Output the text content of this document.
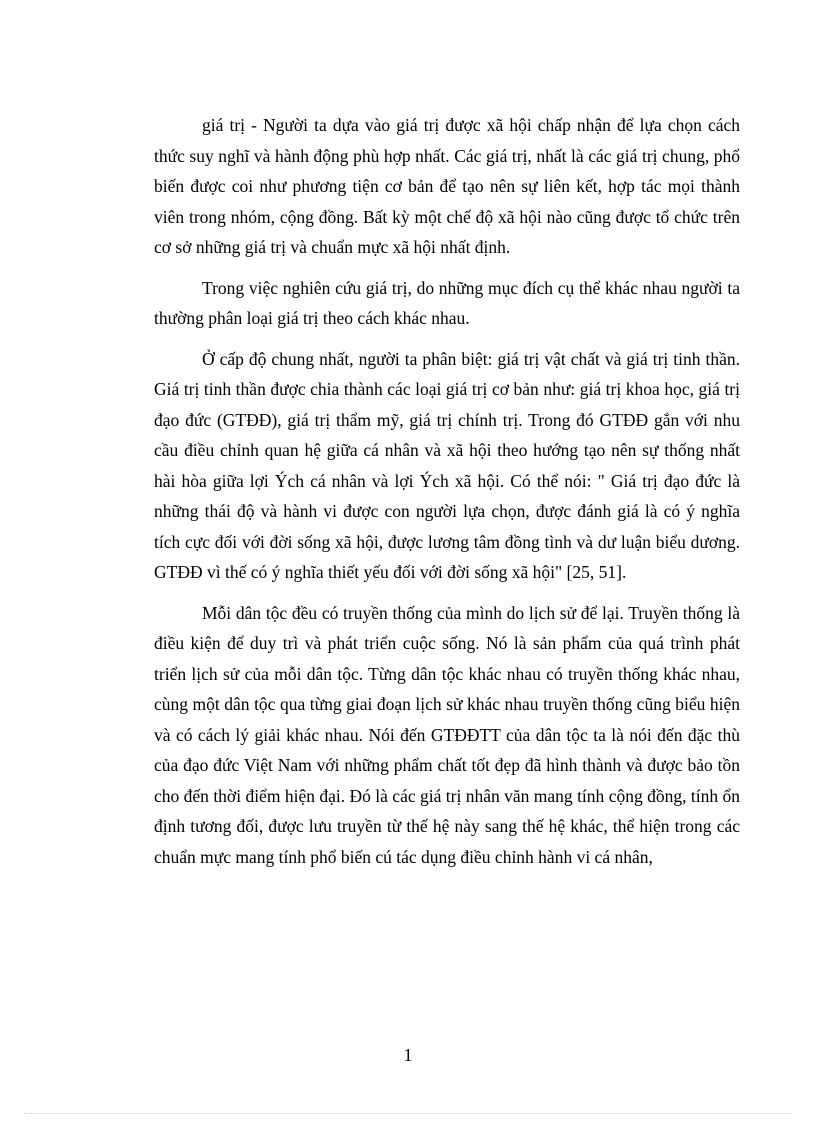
giá trị - Người ta dựa vào giá trị được xã hội chấp nhận để lựa chọn cách thức suy nghĩ và hành động phù hợp nhất. Các giá trị, nhất là các giá trị chung, phổ biến được coi như phương tiện cơ bản để tạo nên sự liên kết, hợp tác mọi thành viên trong nhóm, cộng đồng. Bất kỳ một chế độ xã hội nào cũng được tổ chức trên cơ sở những giá trị và chuẩn mực xã hội nhất định.

Trong việc nghiên cứu giá trị, do những mục đích cụ thể khác nhau người ta thường phân loại giá trị theo cách khác nhau.

Ở cấp độ chung nhất, người ta phân biệt: giá trị vật chất và giá trị tinh thần. Giá trị tinh thần được chia thành các loại giá trị cơ bản như: giá trị khoa học, giá trị đạo đức (GTĐĐ), giá trị thẩm mỹ, giá trị chính trị. Trong đó GTĐĐ gắn với nhu cầu điều chỉnh quan hệ giữa cá nhân và xã hội theo hướng tạo nên sự thống nhất hài hòa giữa lợi Ých cá nhân và lợi Ých xã hội. Có thể nói: " Giá trị đạo đức là những thái độ và hành vi được con người lựa chọn, được đánh giá là có ý nghĩa tích cực đối với đời sống xã hội, được lương tâm đồng tình và dư luận biểu dương. GTĐĐ vì thế có ý nghĩa thiết yếu đối với đời sống xã hội" [25, 51].

Mỗi dân tộc đều có truyền thống của mình do lịch sử để lại. Truyền thống là điều kiện để duy trì và phát triển cuộc sống. Nó là sản phẩm của quá trình phát triển lịch sử của mỗi dân tộc. Từng dân tộc khác nhau có truyền thống khác nhau, cùng một dân tộc qua từng giai đoạn lịch sử khác nhau truyền thống cũng biểu hiện và có cách lý giải khác nhau. Nói đến GTĐĐTT của dân tộc ta là nói đến đặc thù của đạo đức Việt Nam với những phẩm chất tốt đẹp đã hình thành và được bảo tồn cho đến thời điểm hiện đại. Đó là các giá trị nhân văn mang tính cộng đồng, tính ổn định tương đối, được lưu truyền từ thế hệ này sang thế hệ khác, thể hiện trong các chuẩn mực mang tính phổ biến cú tác dụng điều chỉnh hành vi cá nhân,

1
